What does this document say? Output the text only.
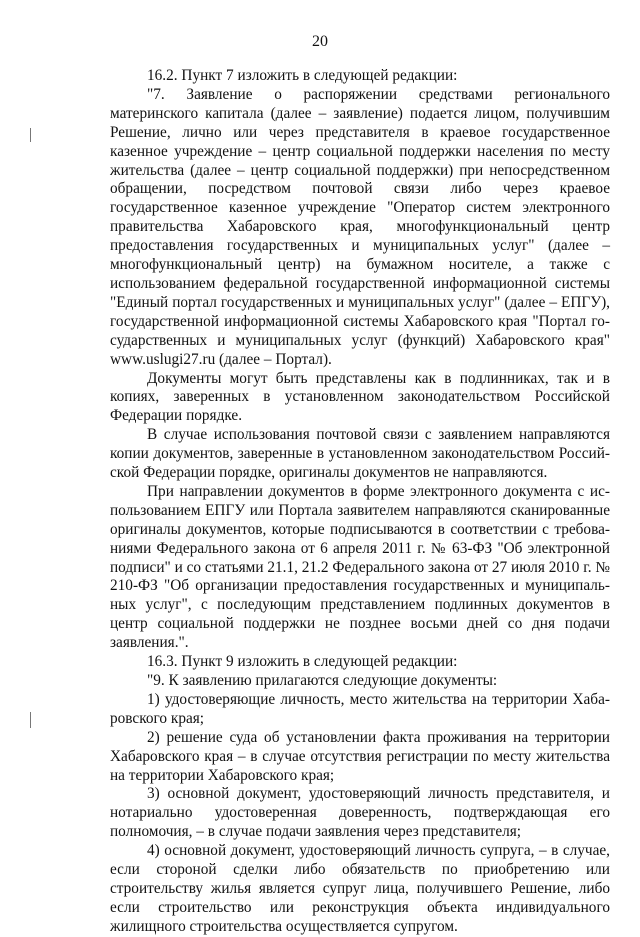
20

16.2. Пункт 7 изложить в следующей редакции:

"7. Заявление о распоряжении средствами регионального материнского капитала (далее – заявление) подается лицом, получившим Решение, лично или через представителя в краевое государственное казенное учреждение – центр социальной поддержки населения по месту жительства (далее – центр социальной поддержки) при непосредственном обращении, посредством почтовой связи либо через краевое государственное казенное учреждение "Оператор систем электронного правительства Хабаровского края, многофункциональный центр предоставления государственных и муниципальных услуг" (далее – многофункциональный центр) на бумажном носителе, а также с использованием федеральной государственной информационной системы "Единый портал государственных и муниципальных услуг" (далее – ЕПГУ), государственной информационной системы Хабаровского края "Портал государственных и муниципальных услуг (функций) Хабаровского края" www.uslugi27.ru (далее – Портал).

Документы могут быть представлены как в подлинниках, так и в копиях, заверенных в установленном законодательством Российской Федерации порядке.

В случае использования почтовой связи с заявлением направляются копии документов, заверенные в установленном законодательством Российской Федерации порядке, оригиналы документов не направляются.

При направлении документов в форме электронного документа с использованием ЕПГУ или Портала заявителем направляются сканированные оригиналы документов, которые подписываются в соответствии с требованиями Федерального закона от 6 апреля 2011 г. № 63-ФЗ "Об электронной подписи" и со статьями 21.1, 21.2 Федерального закона от 27 июля 2010 г. № 210-ФЗ "Об организации предоставления государственных и муниципальных услуг", с последующим представлением подлинных документов в центр социальной поддержки не позднее восьми дней со дня подачи заявления.".

16.3. Пункт 9 изложить в следующей редакции:

"9. К заявлению прилагаются следующие документы:

1) удостоверяющие личность, место жительства на территории Хабаровского края;

2) решение суда об установлении факта проживания на территории Хабаровского края – в случае отсутствия регистрации по месту жительства на территории Хабаровского края;

3) основной документ, удостоверяющий личность представителя, и нотариально удостоверенная доверенность, подтверждающая его полномочия, – в случае подачи заявления через представителя;

4) основной документ, удостоверяющий личность супруга, – в случае, если стороной сделки либо обязательств по приобретению или строительству жилья является супруг лица, получившего Решение, либо если строительство или реконструкция объекта индивидуального жилищного строительства осуществляется супругом.
